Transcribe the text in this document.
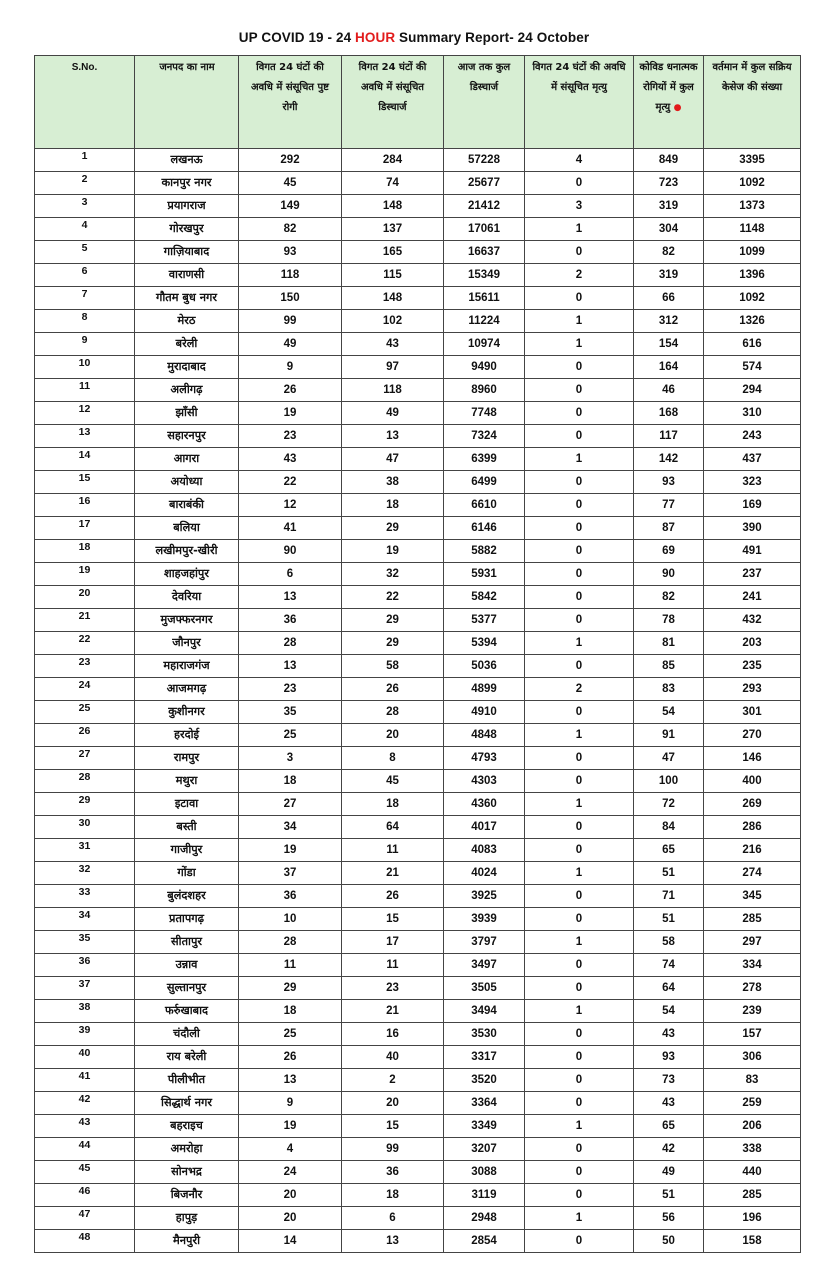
UP COVID 19 - 24 HOUR Summary Report- 24 October
S.No.	जनपद का नाम	विगत 24 घंटों की अवधि में संसूचित पुष्ट रोगी	विगत 24 घंटों की अवधि में संसूचित डिस्चार्ज	आज तक कुल डिस्चार्ज	विगत 24 घंटों की अवधि में संसूचित मृत्यु	कोविड धनात्मक रोगियों में कुल मृत्यु ●	वर्तमान में कुल सक्रिय केसेज की संख्या
1	लखनऊ	292	284	57228	4	849	3395
2	कानपुर नगर	45	74	25677	0	723	1092
3	प्रयागराज	149	148	21412	3	319	1373
4	गोरखपुर	82	137	17061	1	304	1148
5	गाज़ियाबाद	93	165	16637	0	82	1099
6	वाराणसी	118	115	15349	2	319	1396
7	गौतम बुध नगर	150	148	15611	0	66	1092
8	मेरठ	99	102	11224	1	312	1326
9	बरेली	49	43	10974	1	154	616
10	मुरादाबाद	9	97	9490	0	164	574
11	अलीगढ़	26	118	8960	0	46	294
12	झाँसी	19	49	7748	0	168	310
13	सहारनपुर	23	13	7324	0	117	243
14	आगरा	43	47	6399	1	142	437
15	अयोध्या	22	38	6499	0	93	323
16	बाराबंकी	12	18	6610	0	77	169
17	बलिया	41	29	6146	0	87	390
18	लखीमपुर-खीरी	90	19	5882	0	69	491
19	शाहजहांपुर	6	32	5931	0	90	237
20	देवरिया	13	22	5842	0	82	241
21	मुजफ्फरनगर	36	29	5377	0	78	432
22	जौनपुर	28	29	5394	1	81	203
23	महाराजगंज	13	58	5036	0	85	235
24	आजमगढ़	23	26	4899	2	83	293
25	कुशीनगर	35	28	4910	0	54	301
26	हरदोई	25	20	4848	1	91	270
27	रामपुर	3	8	4793	0	47	146
28	मथुरा	18	45	4303	0	100	400
29	इटावा	27	18	4360	1	72	269
30	बस्ती	34	64	4017	0	84	286
31	गाजीपुर	19	11	4083	0	65	216
32	गोंडा	37	21	4024	1	51	274
33	बुलंदशहर	36	26	3925	0	71	345
34	प्रतापगढ़	10	15	3939	0	51	285
35	सीतापुर	28	17	3797	1	58	297
36	उन्नाव	11	11	3497	0	74	334
37	सुल्तानपुर	29	23	3505	0	64	278
38	फर्रुखाबाद	18	21	3494	1	54	239
39	चंदौली	25	16	3530	0	43	157
40	राय बरेली	26	40	3317	0	93	306
41	पीलीभीत	13	2	3520	0	73	83
42	सिद्धार्थ नगर	9	20	3364	0	43	259
43	बहराइच	19	15	3349	1	65	206
44	अमरोहा	4	99	3207	0	42	338
45	सोनभद्र	24	36	3088	0	49	440
46	बिजनौर	20	18	3119	0	51	285
47	हापुड़	20	6	2948	1	56	196
48	मैनपुरी	14	13	2854	0	50	158
